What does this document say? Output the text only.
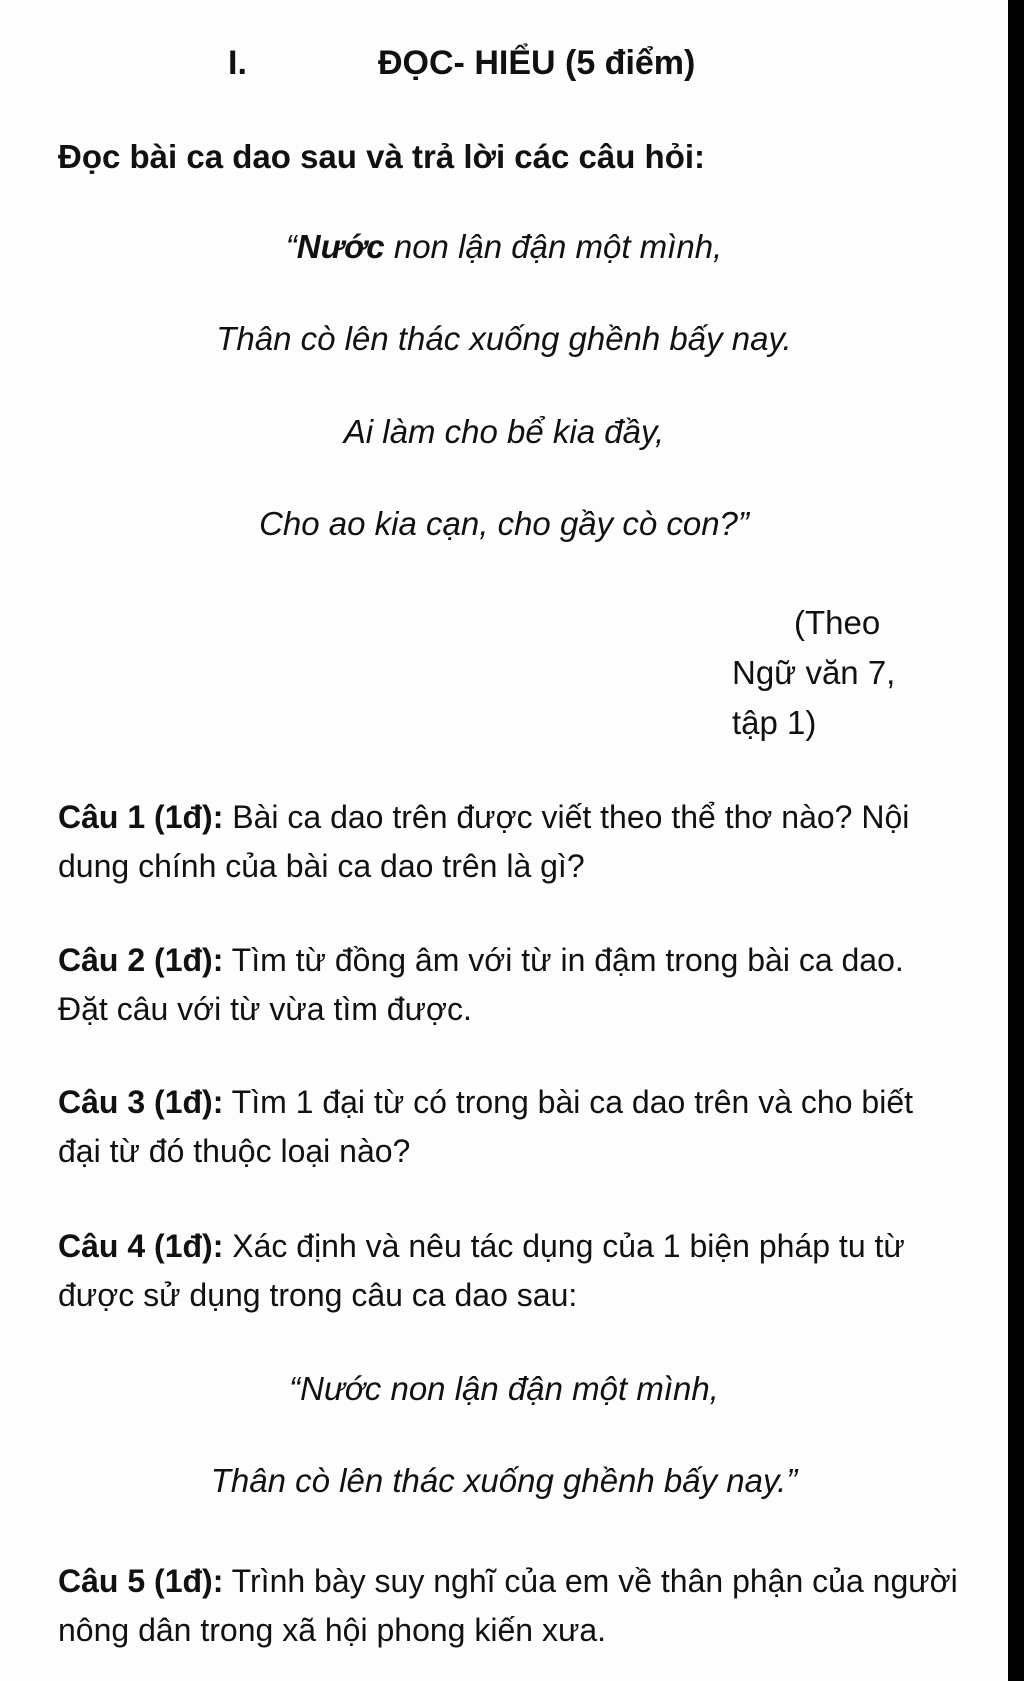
I.	ĐỌC- HIỂU (5 điểm)
Đọc bài ca dao sau và trả lời các câu hỏi:
“Nước non lận đận một mình,
Thân cò lên thác xuống ghềnh bấy nay.
Ai làm cho bể kia đầy,
Cho ao kia cạn, cho gầy cò con?”
(Theo
Ngữ văn 7,
tập 1)
Câu 1 (1đ): Bài ca dao trên được viết theo thể thơ nào? Nội dung chính của bài ca dao trên là gì?
Câu 2 (1đ): Tìm từ đồng âm với từ in đậm trong bài ca dao. Đặt câu với từ vừa tìm được.
Câu 3 (1đ): Tìm 1 đại từ có trong bài ca dao trên và cho biết đại từ đó thuộc loại nào?
Câu 4 (1đ): Xác định và nêu tác dụng của 1 biện pháp tu từ được sử dụng trong câu ca dao sau:
“Nước non lận đận một mình,
Thân cò lên thác xuống ghềnh bấy nay.”
Câu 5 (1đ): Trình bày suy nghĩ của em về thân phận của người nông dân trong xã hội phong kiến xưa.
